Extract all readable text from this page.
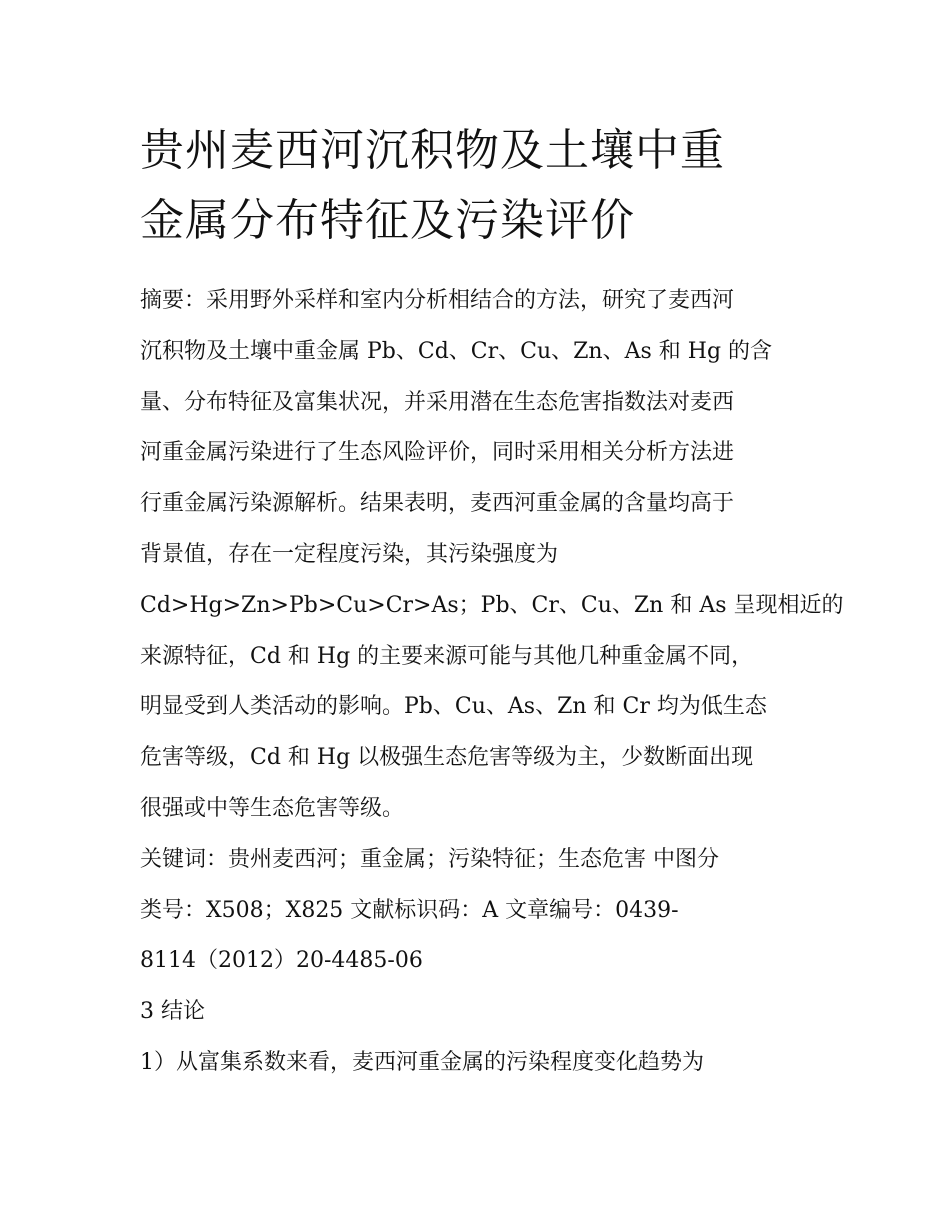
贵州麦西河沉积物及土壤中重
金属分布特征及污染评价
摘要：采用野外采样和室内分析相结合的方法，研究了麦西河
沉积物及土壤中重金属 Pb、Cd、Cr、Cu、Zn、As 和 Hg 的含
量、分布特征及富集状况，并采用潜在生态危害指数法对麦西
河重金属污染进行了生态风险评价，同时采用相关分析方法进
行重金属污染源解析。结果表明，麦西河重金属的含量均高于
背景值，存在一定程度污染，其污染强度为
Cd>Hg>Zn>Pb>Cu>Cr>As；Pb、Cr、Cu、Zn 和 As 呈现相近的
来源特征，Cd 和 Hg 的主要来源可能与其他几种重金属不同，
明显受到人类活动的影响。Pb、Cu、As、Zn 和 Cr 均为低生态
危害等级，Cd 和 Hg 以极强生态危害等级为主，少数断面出现
很强或中等生态危害等级。
关键词：贵州麦西河；重金属；污染特征；生态危害 中图分
类号：X508；X825 文献标识码：A 文章编号：0439-
8114（2012）20-4485-06
3 结论
1）从富集系数来看，麦西河重金属的污染程度变化趋势为
